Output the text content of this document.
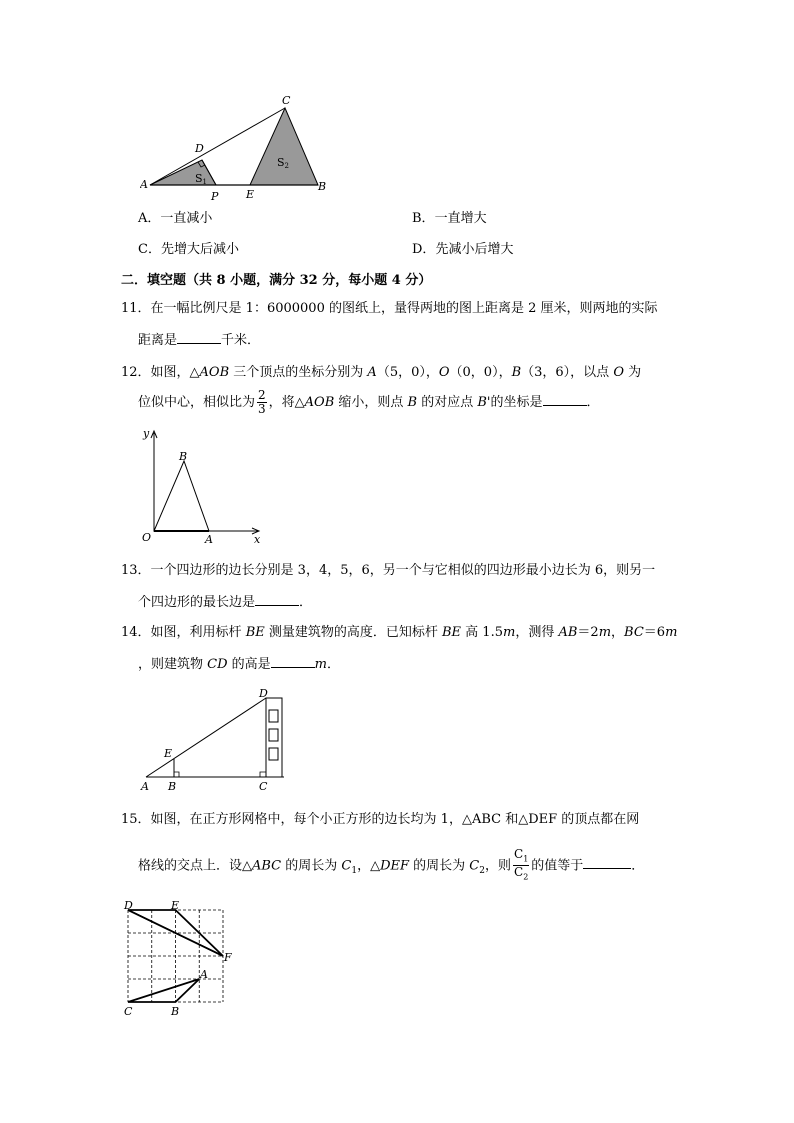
C
D
A	S1
P	E
B
S2
A．一直减小	B．一直增大
C．先增大后减小	D．先减小后增大
二．填空题（共 8 小题，满分 32 分，每小题 4 分）
11．在一幅比例尺是 1：6000000 的图纸上，量得两地的图上距离是 2 厘米，则两地的实际
距离是	千米．
12．如图，△AOB 三个顶点的坐标分别为 A（5，0），O（0，0），B（3，6），以点 O 为
位似中心，相似比为 $\frac{2}{3}$ ，将△AOB 缩小，则点 B 的对应点 B'的坐标是	．
y
x
O	A
B
13．一个四边形的边长分别是 3，4，5，6，另一个与它相似的四边形最小边长为 6，则另一
个四边形的最长边是	．
14．如图，利用标杆 BE 测量建筑物的高度．已知标杆 BE 高 1.5m，测得 AB＝2m，BC＝6m
，则建筑物 CD 的高是	m．
D
E
A B	C
15．如图，在正方形网格中，每个小正方形的边长均为 1，△ABC 和△DEF 的顶点都在网
格线的交点上．设△ABC 的周长为 $C_1$，△DEF 的周长为 $C_2$，则 $\frac{C_1}{C_2}$ 的值等于	．
D	E
F
A
C	B
